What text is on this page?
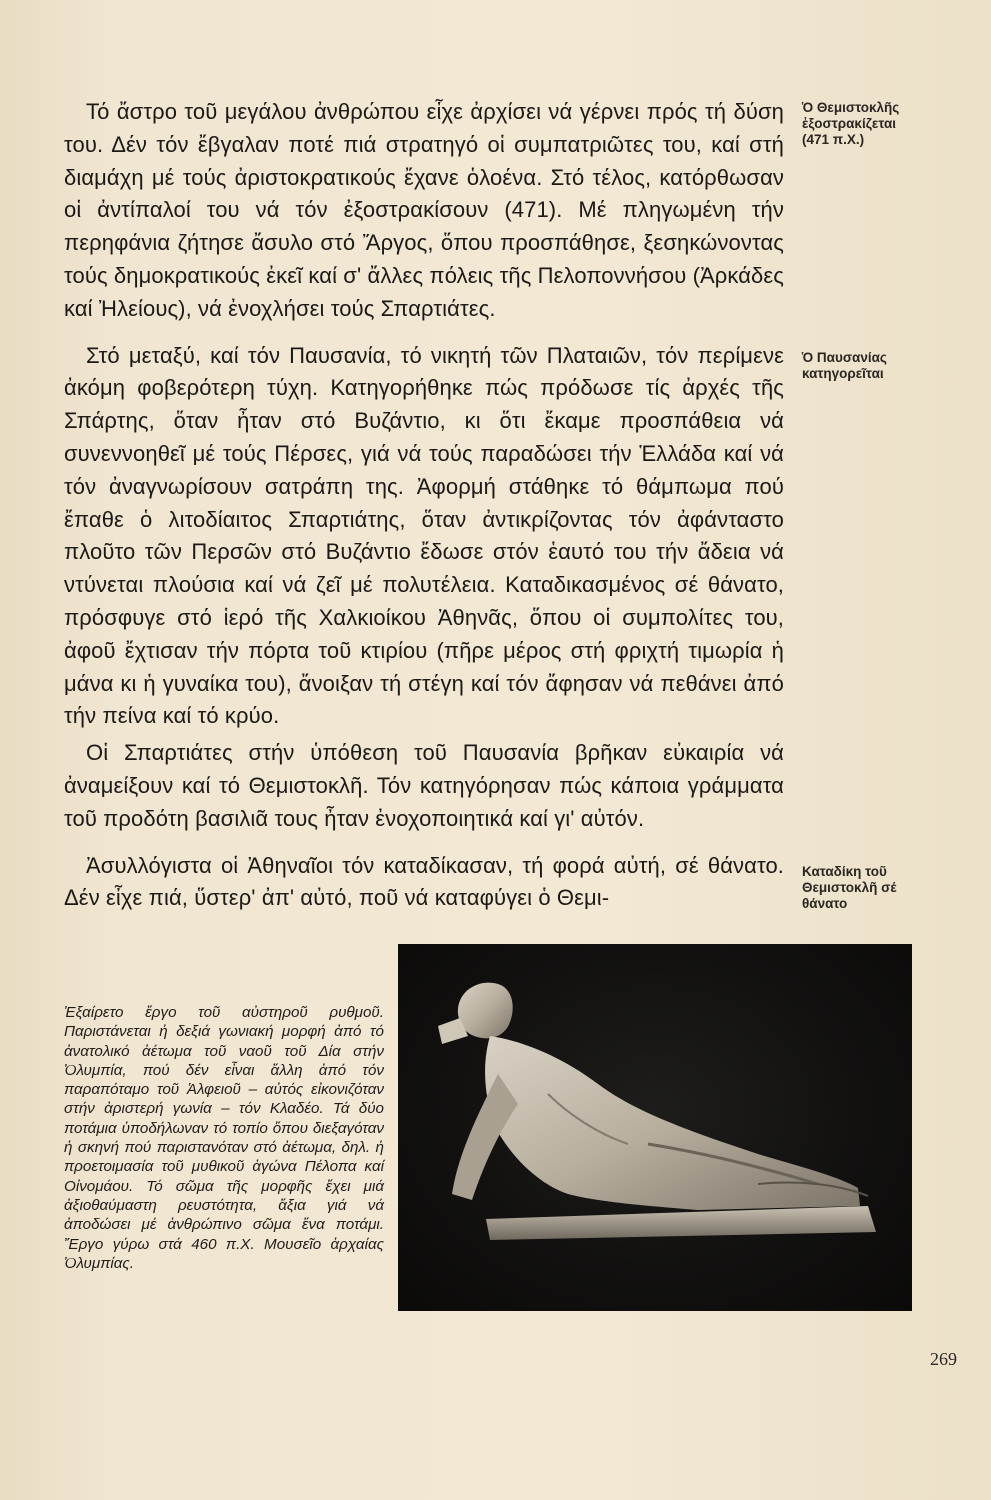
Τό ἄστρο τοῦ μεγάλου ἀνθρώπου εἶχε ἀρχίσει νά γέρνει πρός τή δύση του. Δέν τόν ἔβγαλαν ποτέ πιά στρατηγό οἱ συμπατριῶτες του, καί στή διαμάχη μέ τούς ἀριστοκρατικούς ἔχανε ὁλοένα. Στό τέλος, κατόρθωσαν οἱ ἀντίπαλοί του νά τόν ἐξοστρακίσουν (471). Μέ πληγωμένη τήν περηφάνια ζήτησε ἄσυλο στό Ἄργος, ὅπου προσπάθησε, ξεσηκώνοντας τούς δημοκρατικούς ἐκεῖ καί σ' ἄλλες πόλεις τῆς Πελοποννήσου (Ἀρκάδες καί Ἠλείους), νά ἐνοχλήσει τούς Σπαρτιάτες.

Στό μεταξύ, καί τόν Παυσανία, τό νικητή τῶν Πλαταιῶν, τόν περίμενε ἀκόμη φοβερότερη τύχη. Κατηγορήθηκε πώς πρόδωσε τίς ἀρχές τῆς Σπάρτης, ὅταν ἦταν στό Βυζάντιο, κι ὅτι ἔκαμε προσπάθεια νά συνεννοηθεῖ μέ τούς Πέρσες, γιά νά τούς παραδώσει τήν Ἑλλάδα καί νά τόν ἀναγνωρίσουν σατράπη της. Ἀφορμή στάθηκε τό θάμπωμα πού ἔπαθε ὁ λιτοδίαιτος Σπαρτιάτης, ὅταν ἀντικρίζοντας τόν ἀφάνταστο πλοῦτο τῶν Περσῶν στό Βυζάντιο ἔδωσε στόν ἑαυτό του τήν ἄδεια νά ντύνεται πλούσια καί νά ζεῖ μέ πολυτέλεια. Καταδικασμένος σέ θάνατο, πρόσφυγε στό ἱερό τῆς Χαλκιοίκου Ἀθηνᾶς, ὅπου οἱ συμπολίτες του, ἀφοῦ ἔχτισαν τήν πόρτα τοῦ κτιρίου (πῆρε μέρος στή φριχτή τιμωρία ἡ μάνα κι ἡ γυναίκα του), ἄνοιξαν τή στέγη καί τόν ἄφησαν νά πεθάνει ἀπό τήν πείνα καί τό κρύο.

Οἱ Σπαρτιάτες στήν ὑπόθεση τοῦ Παυσανία βρῆκαν εὐκαιρία νά ἀναμείξουν καί τό Θεμιστοκλῆ. Τόν κατηγόρησαν πώς κάποια γράμματα τοῦ προδότη βασιλιᾶ τους ἦταν ἐνοχοποιητικά καί γι' αὐτόν.

Ἀσυλλόγιστα οἱ Ἀθηναῖοι τόν καταδίκασαν, τή φορά αὐτή, σέ θάνατο. Δέν εἶχε πιά, ὕστερ' ἀπ' αὐτό, ποῦ νά καταφύγει ὁ Θεμι-

Ὁ Θεμιστοκλῆς
ἐξοστρακίζεται
(471 π.Χ.)
Ὁ Παυσανίας
κατηγορεῖται
Καταδίκη τοῦ
Θεμιστοκλῆ σέ
θάνατο
Ἐξαίρετο ἔργο τοῦ αὐστηροῦ ρυθμοῦ. Παριστάνεται ἡ δεξιά γωνιακή μορφή ἀπό τό ἀνατολικό ἀέτωμα τοῦ ναοῦ τοῦ Δία στήν Ὀλυμπία, πού δέν εἶναι ἄλλη ἀπό τόν παραπόταμο τοῦ Ἀλφειοῦ – αὐτός εἰκονιζόταν στήν ἀριστερή γωνία – τόν Κλαδέο. Τά δύο ποτάμια ὑποδήλωναν τό τοπίο ὅπου διεξαγόταν ἡ σκηνή πού παριστανόταν στό ἀέτωμα, δηλ. ἡ προετοιμασία τοῦ μυθικοῦ ἀγώνα Πέλοπα καί Οἰνομάου. Τό σῶμα τῆς μορφῆς ἔχει μιά ἀξιοθαύμαστη ρευστότητα, ἄξια γιά νά ἀποδώσει μέ ἀνθρώπινο σῶμα ἕνα ποτάμι. Ἔργο γύρω στά 460 π.Χ. Μουσεῖο ἀρχαίας Ὀλυμπίας.
269
